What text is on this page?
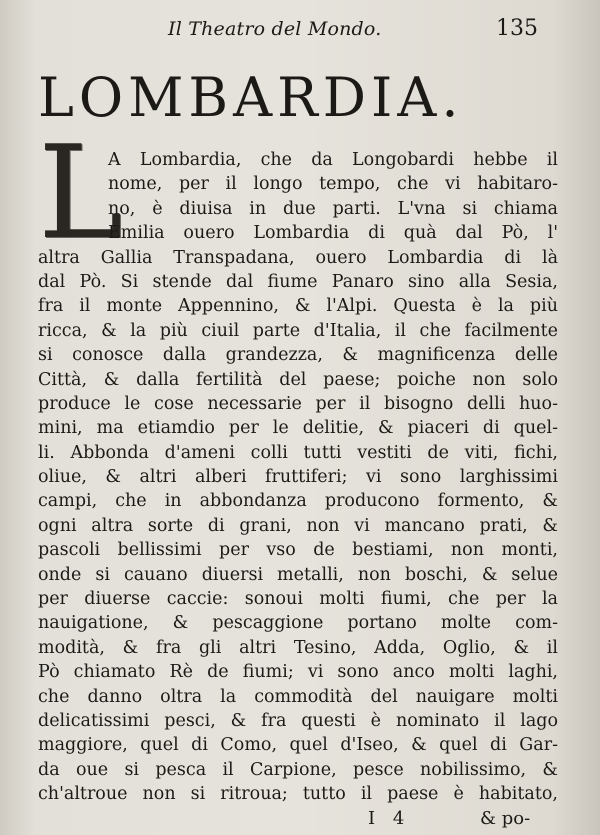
Il Theatro del Mondo.	135
LOMBARDIA.
L
A Lombardia, che da Longobardi hebbe il
nome, per il longo tempo, che vi habitaro-
no, è diuisa in due parti. L'vna si chiama
Emilia ouero Lombardia di quà dal Pò, l'
altra Gallia Transpadana, ouero Lombardia di là
dal Pò. Si stende dal fiume Panaro sino alla Sesia,
fra il monte Appennino, & l'Alpi. Questa è la più
ricca, & la più ciuil parte d'Italia, il che facilmente
si conosce dalla grandezza, & magnificenza delle
Città, & dalla fertilità del paese; poiche non solo
produce le cose necessarie per il bisogno delli huo-
mini, ma etiamdio per le delitie, & piaceri di quel-
li. Abbonda d'ameni colli tutti vestiti de viti, fichi,
oliue, & altri alberi fruttiferi; vi sono larghissimi
campi, che in abbondanza producono formento, &
ogni altra sorte di grani, non vi mancano prati, &
pascoli bellissimi per vso de bestiami, non monti,
onde si cauano diuersi metalli, non boschi, & selue
per diuerse caccie: sonoui molti fiumi, che per la
nauigatione, & pescaggione portano molte com-
modità, & fra gli altri Tesino, Adda, Oglio, & il
Pò chiamato Rè de fiumi; vi sono anco molti laghi,
che danno oltra la commodità del nauigare molti
delicatissimi pesci, & fra questi è nominato il lago
maggiore, quel di Como, quel d'Iseo, & quel di Gar-
da oue si pesca il Carpione, pesce nobilissimo, &
ch'altroue non si ritroua; tutto il paese è habitato,
I 4	& po-
